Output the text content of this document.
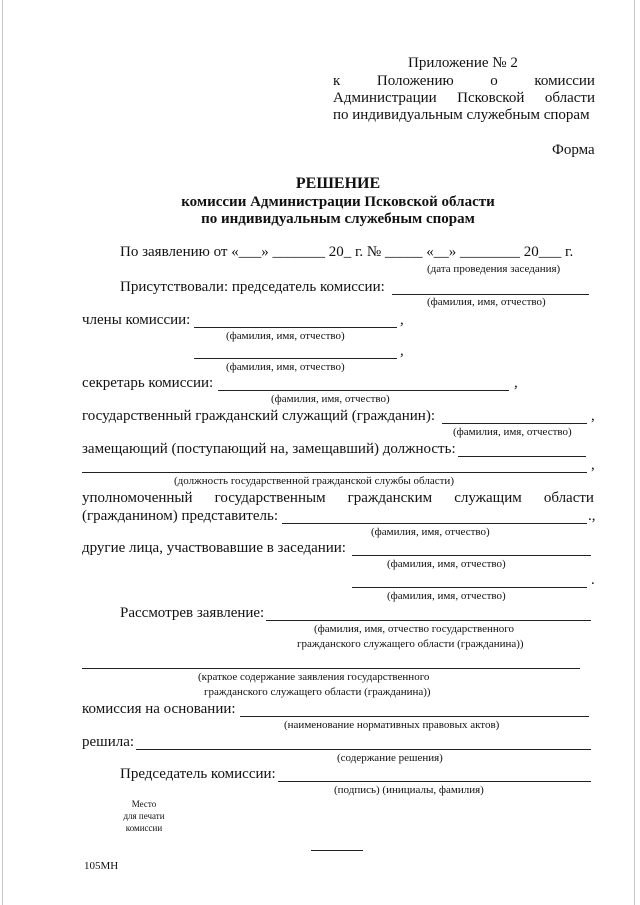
Приложение № 2
к Положению о комиссии
Администрации Псковской области
по индивидуальным служебным спорам
Форма
РЕШЕНИЕ
комиссии Администрации Псковской области
по индивидуальным служебным спорам
По заявлению от «___» _______ 20_ г. № _____ «__» ________ 20___ г.
(дата проведения заседания)
Присутствовали: председатель комиссии:
(фамилия, имя, отчество)
члены комиссии:	,
(фамилия, имя, отчество)
,
(фамилия, имя, отчество)
секретарь комиссии:	,
(фамилия, имя, отчество)
государственный гражданский служащий (гражданин):	,
(фамилия, имя, отчество)
замещающий (поступающий на, замещавший) должность:
,
(должность государственной гражданской службы области)
уполномоченный государственным гражданским служащим области
(гражданином) представитель:	.,
(фамилия, имя, отчество)
другие лица, участвовавшие в заседании:
(фамилия, имя, отчество)
.
(фамилия, имя, отчество)
Рассмотрев заявление:
(фамилия, имя, отчество государственного
гражданского служащего области (гражданина))
(краткое содержание заявления государственного
гражданского служащего области (гражданина))
комиссия на основании:
(наименование нормативных правовых актов)
решила:
(содержание решения)
Председатель комиссии:
(подпись) (инициалы, фамилия)
Место
для печати
комиссии
105МН
